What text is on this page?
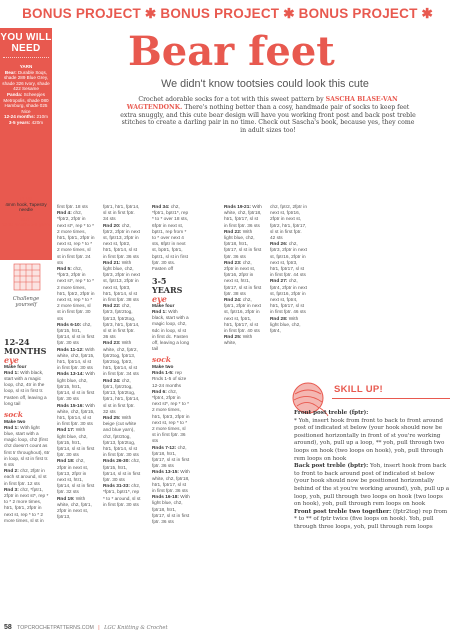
BONUS PROJECT ✱ BONUS PROJECT ✱ BONUS PROJECT ✱
YOU WILL
NEED
YARN
Bear: Durable Soqs, shade 289 Blue Grey, shade 326 Ivory, shade 422 Sesame
Panda: Scheepjes Metropolis, shade 080 Hamburg, shade 025 Nice
12-24 months: 210m
3-5 years: 420m
PLUS
4mm hook, Tapestry needle
SIZE
12-24 months 3-5 years
Challenge yourself
Bear feet
We didn't know tootsies could look this cute
Crochet adorable socks for a tot with this sweet pattern by SASCHA BLASE-VAN WAGTENDONK. There's nothing better than a cosy, handmade pair of socks to keep feet extra snuggly, and this cute bear design will have you working front post and back post treble stitches to create a darling pair in no time. Check out Sascha's book, because yes, they come in adult sizes too!
12-24 MONTHS
eye

Make four

Rnd 1: With black, start with a magic loop, ch2, 4tr in the loop, sl st in first tr. Fasten off, leaving a long tail

sock

Make two

Rnd 1: With light blue, start with a magic loop, ch2 (first ch2 doesn't count as first tr throughout), 6tr in loop, sl st in first tr. 6 sts

Rnd 2: ch2, 2fptr in each st around, sl st in first fptr. 12 sts

Rnd 3: ch2, *fptr1, 2fptr in next st*, rep * to * 2 more times, htr1, fptr1, 2fptr in next st, rep * to * 2 more times, sl st in

first fptr. 18 sts

Rnd 4: ch2, *fptr2, 2fptr in next st*, rep * to * 2 more times, htr1, fptr1, 2fptr in next st, rep * to * 2 more times, sl st in first fptr. 24 sts

Rnd 5: ch2, *fptr3, 2fptr in next st*, rep * to * 2 more times, htr1, fptr2, 2fptr in next st, rep * to * 2 more times, sl st in first fptr. 30 sts

Rnds 6-10: ch2, fptr15, htr1, fptr14, sl st in first fptr. 30 sts

Rnds 11-12: With white, ch2, fptr15, htr1, fptr14, sl st in first fptr. 30 sts

Rnds 13-14: With light blue, ch2, fptr15, htr1, fptr14, sl st in first fptr. 30 sts

Rnds 15-16: With white, ch2, fptr15, htr1, fptr14, sl st in first fptr. 30 sts

Rnd 17: With light blue, ch2, fptr15, htr1, fptr14, sl st in first fptr. 30 sts

Rnd 18: ch2, 2fptr in next st, fptr13, 2fptr in next st, htr1, fptr14, sl st in first fptr. 32 sts

Rnd 19: With white, ch2, fptr1, 2fptr in next st, fptr13,

fptr1, htr1, fptr14, sl st in first fptr. 34 sts

Rnd 20: ch2, fptr2, 2fptr in next st, fptr13, 2fptr in next st, fptr2, htr1, fptr14, sl st in first fptr. 36 sts

Rnd 21: With light blue, ch2, fptr3, 2fptr in next st, fptr13, 2fptr in next st, fptr3, htr1, fptr14, sl st in first fptr. 38 sts

Rnd 22: ch2, fptr3, fptr2tog, fptr13, fptr2tog, fptr3, htr1, fptr14, sl st in first fptr. 36 sts

Rnd 23: With white, ch2, fptr2, fptr2tog, fptr13, fptr2tog, fptr2, htr1, fptr14, sl st in first fptr. 34 sts

Rnd 24: ch2, fptr1, fptr2tog, fptr13, fptr2tog, fptr1, htr1, fptr14, sl st in first fptr. 32 sts

Rnd 25: With beige (cut white and blue yarn), ch2, fptr2tog, fptr13, fptr2tog, htr1, fptr14, sl st in first fptr. 30 sts

Rnds 26-30: ch2, fptr15, htr1, fptr14, sl st in first fptr. 30 sts

Rnds 31-33: ch2, *fptr1, bptr1*, rep * to * around, sl st in first fptr. 30 sts

Rnd 34: ch2, *fptr1, bptr1*, rep * to * over 18 sts, 6fptr in next st, bptr1, rep from * to * over next 4 sts, 6fptr in next st, bptr1, fptr1, bptr1, sl st in first fptr. 30 sts. Fasten off

3-5 YEARS
eye

Make four

Rnd 1: With black, start with a magic loop, ch2, 6dc in loop, sl st in first dc. Fasten off, leaving a long tail

sock

Make two

Rnds 1-5: rep Rnds 1-5 of size 12-24 months

Rnd 6: ch2, *fptr4, 2fptr in next st*, rep * to * 2 more times, htr1, fptr3, 2fptr in next st, rep * to * 2 more times, sl st in first fptr. 36 sts

Rnds 7-12: ch2, fptr18, htr1, fptr17, sl st in first fptr. 36 sts

Rnds 13-15: With white, ch2, fptr18, htr1, fptr17, sl st in first fptr. 36 sts

Rnds 16-18: With light blue, ch2, fptr18, htr1, fptr17, sl st in first fptr. 36 sts

Rnds 19-21: With white, ch2, fptr18, htr1, fptr17, sl st in first fptr. 36 sts

Rnd 22: With light blue, ch2, fptr18, htr1, fptr17, sl st in first fptr. 36 sts

Rnd 23: ch2, 2fptr in next st, fptr16, 2fptr in next st, htr1, fptr17, sl st in first fptr. 38 sts

Rnd 24: ch2, fptr1, 2fptr in next st, fptr16, 2fptr in next st, fptr1, htr1, fptr17, sl st in first fptr. 40 sts

Rnd 25: With white,

ch2, fptr2, 2fptr in next st, fptr16, 2fptr in next st, fptr2, htr1, fptr17, sl st in first fptr. 42 sts

Rnd 26: ch2, fptr3, 2fptr in next st, fptr16, 2fptr in next st, fptr3, htr1, fptr17, sl st in first fptr. 44 sts

Rnd 27: ch2, fptr4, 2fptr in next st, fptr16, 2fptr in next st, fptr4, htr1, fptr17, sl st in first fptr. 46 sts

Rnd 28: With light blue, ch2, fptr4,

SKILL UP!
Front post treble (fptr):
* Yoh, insert hook from front to back to front around post of indicated st below (your hook should now be positioned horizontally in front of st you're working around), yoh, pull up a loop, ** yoh, pull through two loops on hook (two loops on hook), yoh, pull through rem loops on hook
Back post treble (bptr): Yoh, insert hook from back to front to back around post of indicated st below (your hook should now be positioned horizontally behind of the st you're working around), yoh, pull up a loop, yoh, pull through two loops on hook (two loops on hook), yoh, pull through rem loops on hook
Front post treble two together: (fptr2tog) rep from * to ** of fptr twice (five loops on hook). Yoh, pull through three loops, yoh, pull through rem loops
58 TOPCROCHETPATTERNS.COM | LGC Knitting & Crochet
